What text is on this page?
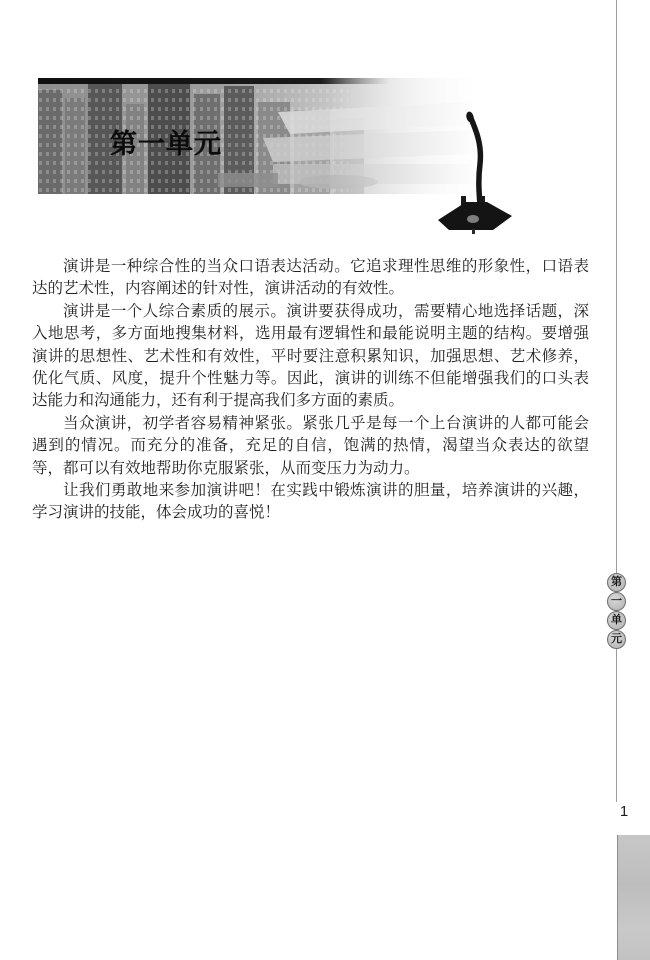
第一单元

演讲是一种综合性的当众口语表达活动。它追求理性思维的形象性，口语表达的艺术性，内容阐述的针对性，演讲活动的有效性。

演讲是一个人综合素质的展示。演讲要获得成功，需要精心地选择话题，深入地思考，多方面地搜集材料，选用最有逻辑性和最能说明主题的结构。要增强演讲的思想性、艺术性和有效性，平时要注意积累知识，加强思想、艺术修养，优化气质、风度，提升个性魅力等。因此，演讲的训练不但能增强我们的口头表达能力和沟通能力，还有利于提高我们多方面的素质。

当众演讲，初学者容易精神紧张。紧张几乎是每一个上台演讲的人都可能会遇到的情况。而充分的准备，充足的自信，饱满的热情，渴望当众表达的欲望等，都可以有效地帮助你克服紧张，从而变压力为动力。

让我们勇敢地来参加演讲吧！在实践中锻炼演讲的胆量，培养演讲的兴趣，学习演讲的技能，体会成功的喜悦！

第
一
单
元
1
